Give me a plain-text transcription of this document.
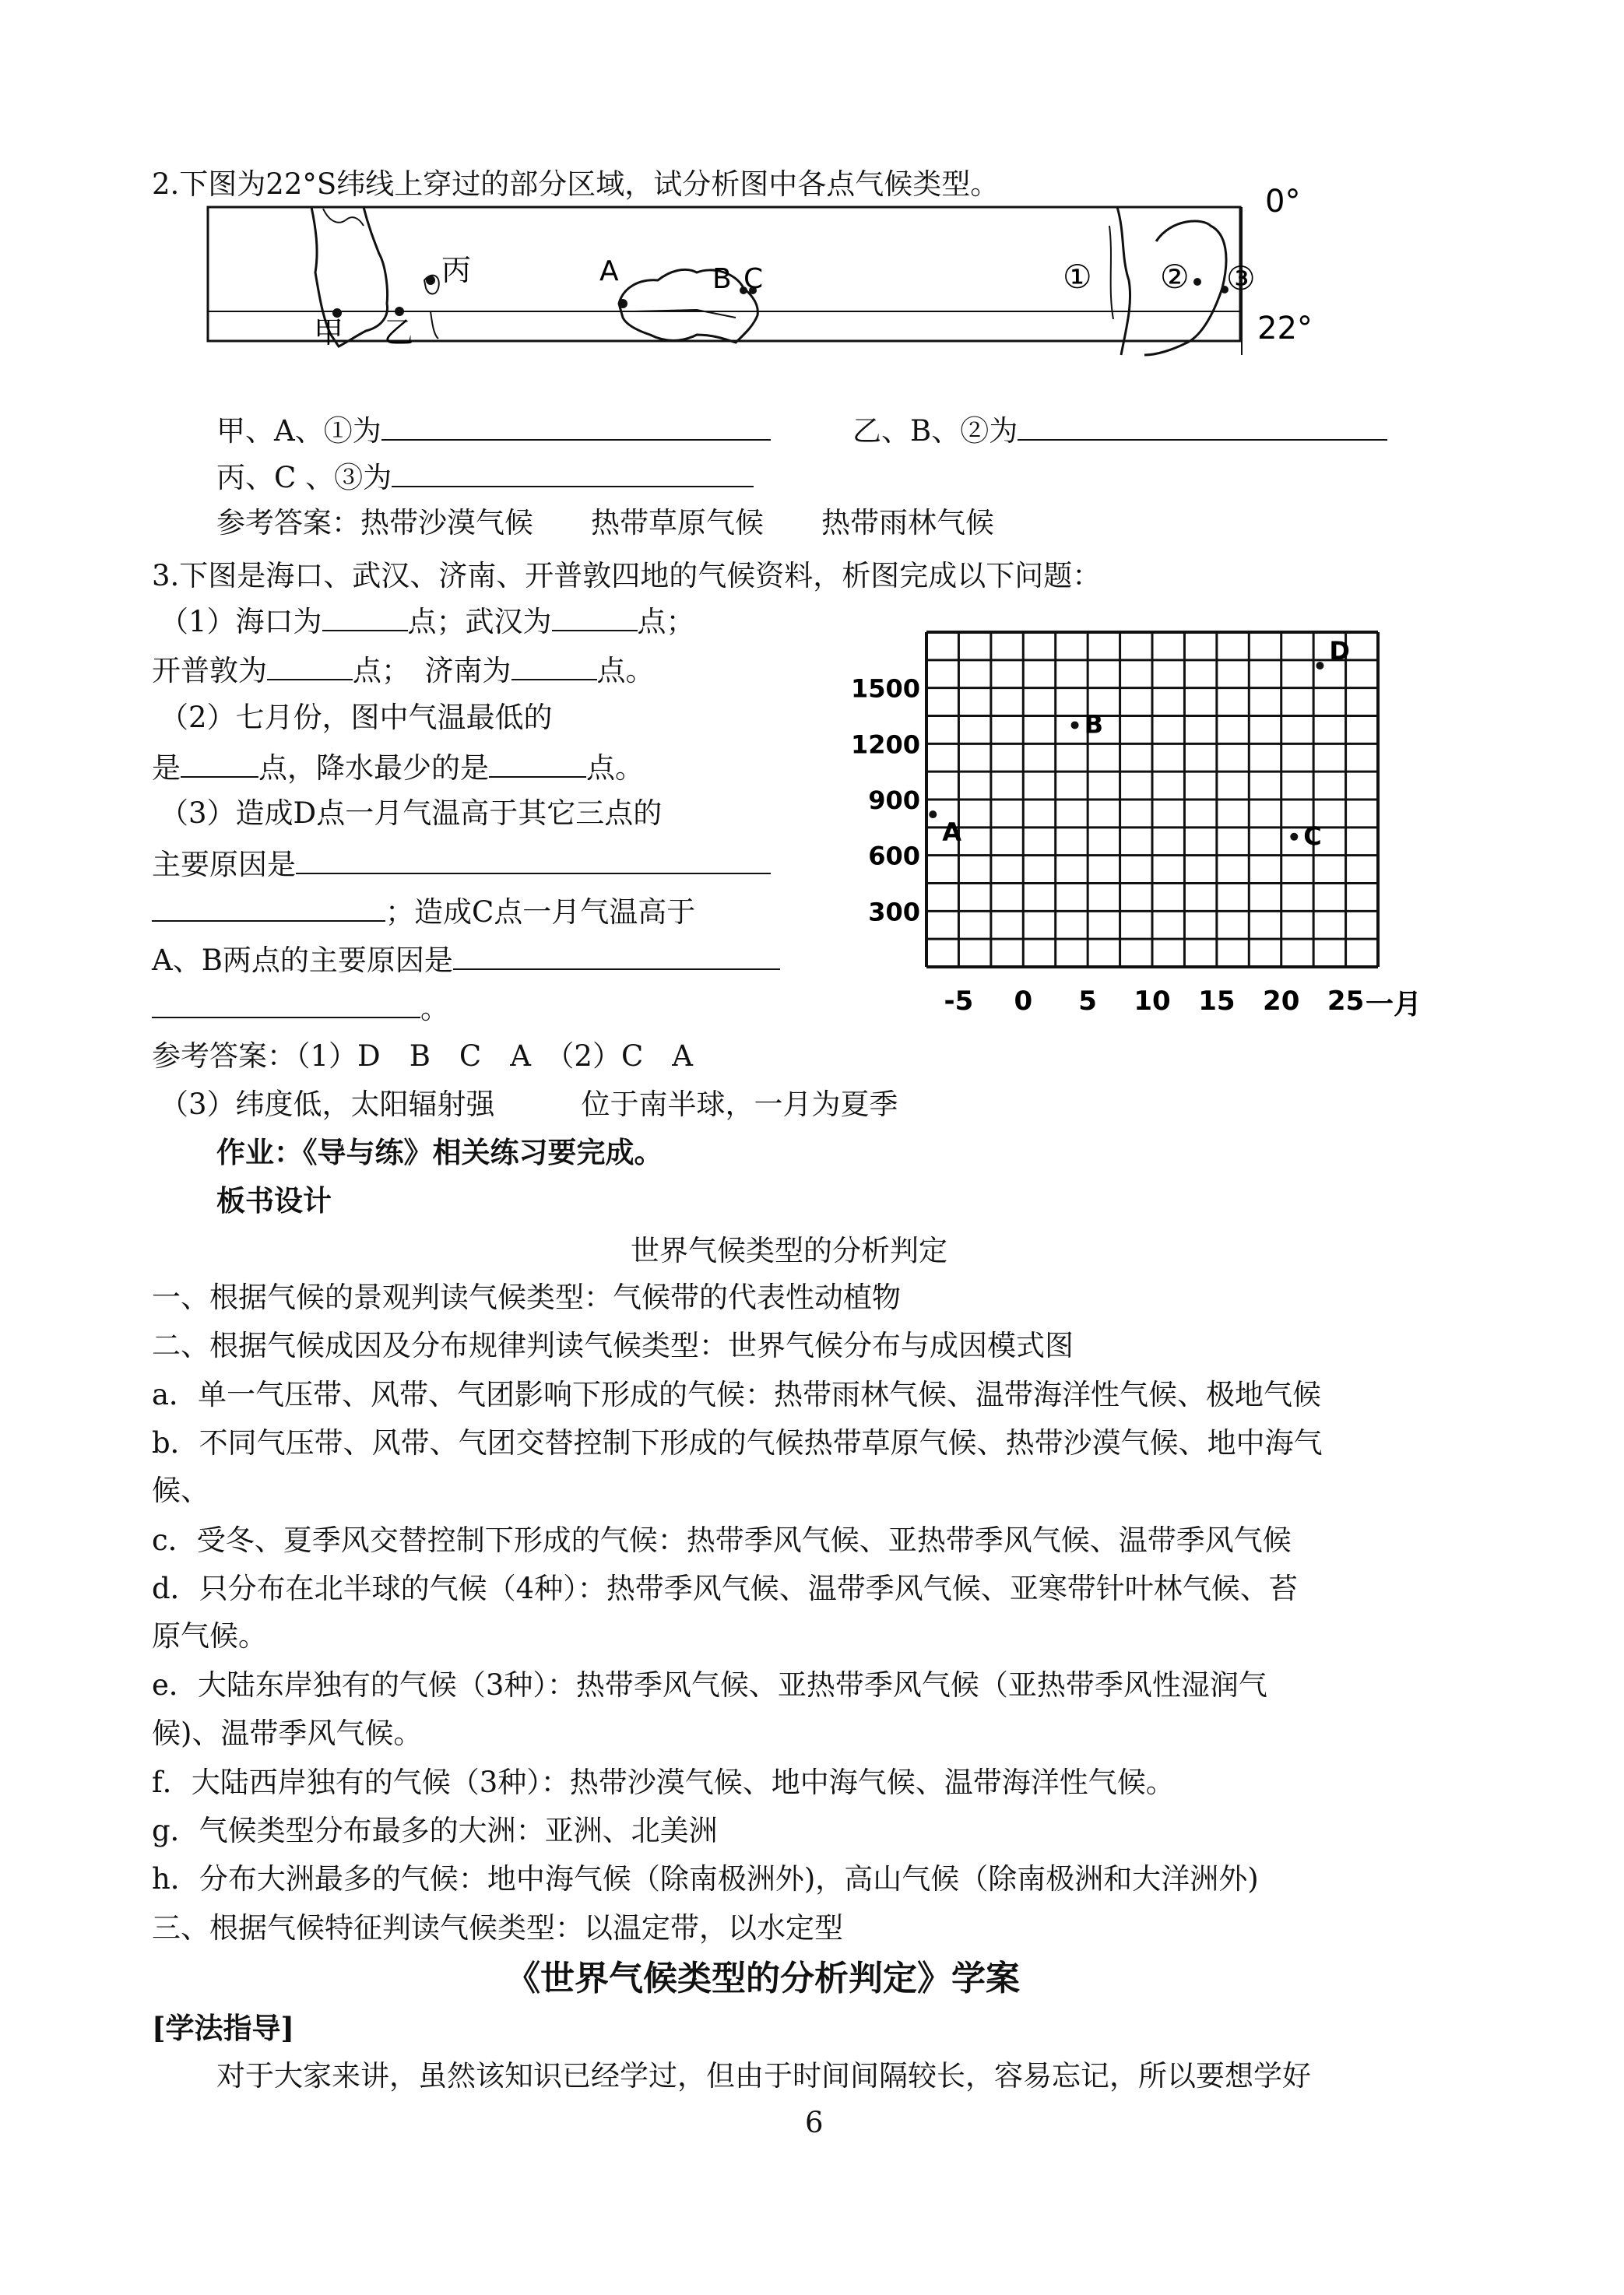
2.下图为22°S纬线上穿过的部分区域，试分析图中各点气候类型。
甲 乙
丙	A	B C	① ② ③
0°
22°
甲、A、①为	乙、B、②为
丙、C 、③为
参考答案：热带沙漠气候　　热带草原气候　　热带雨林气候
3.下图是海口、武汉、济南、开普敦四地的气候资料，析图完成以下问题：
（1）海口为	点；武汉为	点；
开普敦为	点；　济南为	点。
（2）七月份，图中气温最低的
是	点，降水最少的是	点。
（3）造成D点一月气温高于其它三点的
主要原因是
；造成C点一月气温高于
A、B两点的主要原因是
。	-5 0 5 10 15 20 25 一月
300
600
900
1200
1500
A
B
C
D
参考答案：（1）D　B　C　A　（2）C　A
（3）纬度低，太阳辐射强　　　位于南半球，一月为夏季
作业：《导与练》相关练习要完成。
板书设计
世界气候类型的分析判定
一、根据气候的景观判读气候类型：气候带的代表性动植物
二、根据气候成因及分布规律判读气候类型：世界气候分布与成因模式图
a．单一气压带、风带、气团影响下形成的气候：热带雨林气候、温带海洋性气候、极地气候
b．不同气压带、风带、气团交替控制下形成的气候热带草原气候、热带沙漠气候、地中海气
候、
c．受冬、夏季风交替控制下形成的气候：热带季风气候、亚热带季风气候、温带季风气候
d．只分布在北半球的气候（4种）：热带季风气候、温带季风气候、亚寒带针叶林气候、苔
原气候。
e．大陆东岸独有的气候（3种）：热带季风气候、亚热带季风气候（亚热带季风性湿润气
候)、温带季风气候。
f．大陆西岸独有的气候（3种）：热带沙漠气候、地中海气候、温带海洋性气候。
g．气候类型分布最多的大洲：亚洲、北美洲
h．分布大洲最多的气候：地中海气候（除南极洲外)，高山气候（除南极洲和大洋洲外)
三、根据气候特征判读气候类型：以温定带，以水定型
《世界气候类型的分析判定》学案
[学法指导]
对于大家来讲，虽然该知识已经学过，但由于时间间隔较长，容易忘记，所以要想学好
6
